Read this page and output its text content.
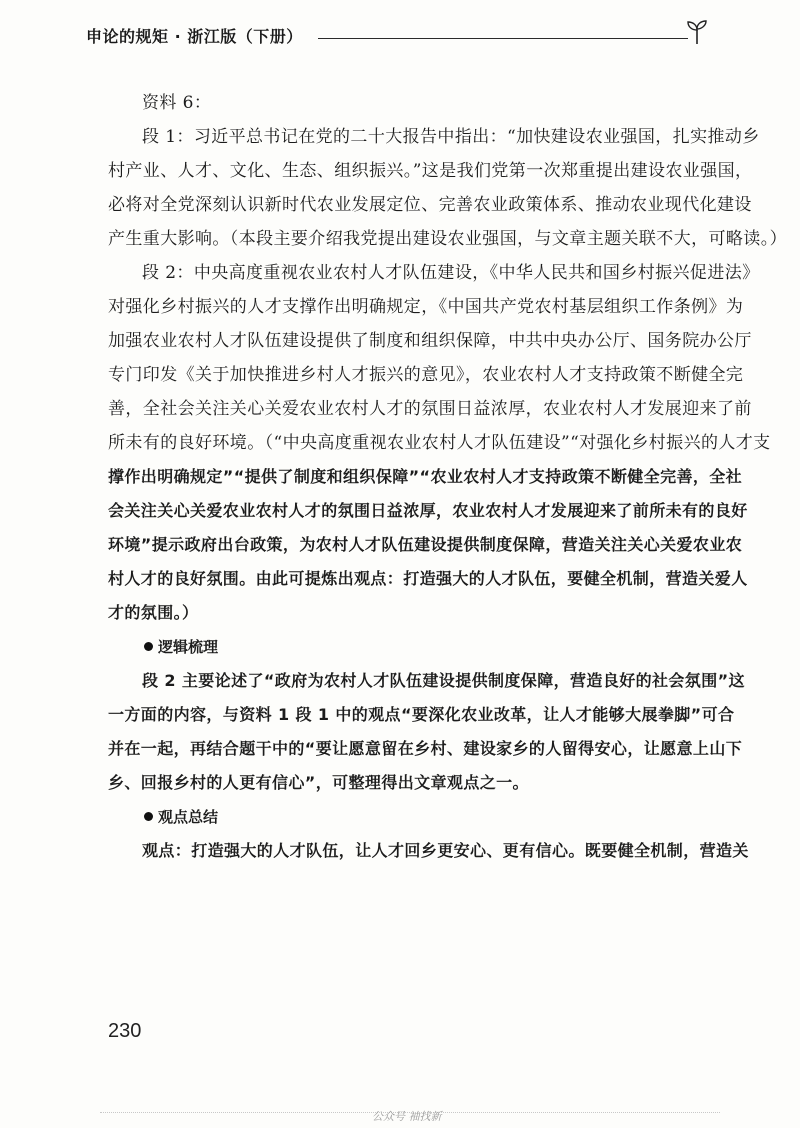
申论的规矩 · 浙江版（下册）
资料 6：
段 1：习近平总书记在党的二十大报告中指出：“加快建设农业强国，扎实推动乡
村产业、人才、文化、生态、组织振兴。”这是我们党第一次郑重提出建设农业强国，
必将对全党深刻认识新时代农业发展定位、完善农业政策体系、推动农业现代化建设
产生重大影响。（本段主要介绍我党提出建设农业强国，与文章主题关联不大，可略读。）
段 2：中央高度重视农业农村人才队伍建设，《中华人民共和国乡村振兴促进法》
对强化乡村振兴的人才支撑作出明确规定，《中国共产党农村基层组织工作条例》为
加强农业农村人才队伍建设提供了制度和组织保障，中共中央办公厅、国务院办公厅
专门印发《关于加快推进乡村人才振兴的意见》，农业农村人才支持政策不断健全完
善，全社会关注关心关爱农业农村人才的氛围日益浓厚，农业农村人才发展迎来了前
所未有的良好环境。（“中央高度重视农业农村人才队伍建设”“对强化乡村振兴的人才支
撑作出明确规定”“提供了制度和组织保障”“农业农村人才支持政策不断健全完善，全社
会关注关心关爱农业农村人才的氛围日益浓厚，农业农村人才发展迎来了前所未有的良好
环境”提示政府出台政策，为农村人才队伍建设提供制度保障，营造关注关心关爱农业农
村人才的良好氛围。由此可提炼出观点：打造强大的人才队伍，要健全机制，营造关爱人
才的氛围。）
逻辑梳理
段 2 主要论述了“政府为农村人才队伍建设提供制度保障，营造良好的社会氛围”这
一方面的内容，与资料 1 段 1 中的观点“要深化农业改革，让人才能够大展拳脚”可合
并在一起，再结合题干中的“要让愿意留在乡村、建设家乡的人留得安心，让愿意上山下
乡、回报乡村的人更有信心”，可整理得出文章观点之一。
观点总结
观点：打造强大的人才队伍，让人才回乡更安心、更有信心。既要健全机制，营造关
230
公众号 袖找新
